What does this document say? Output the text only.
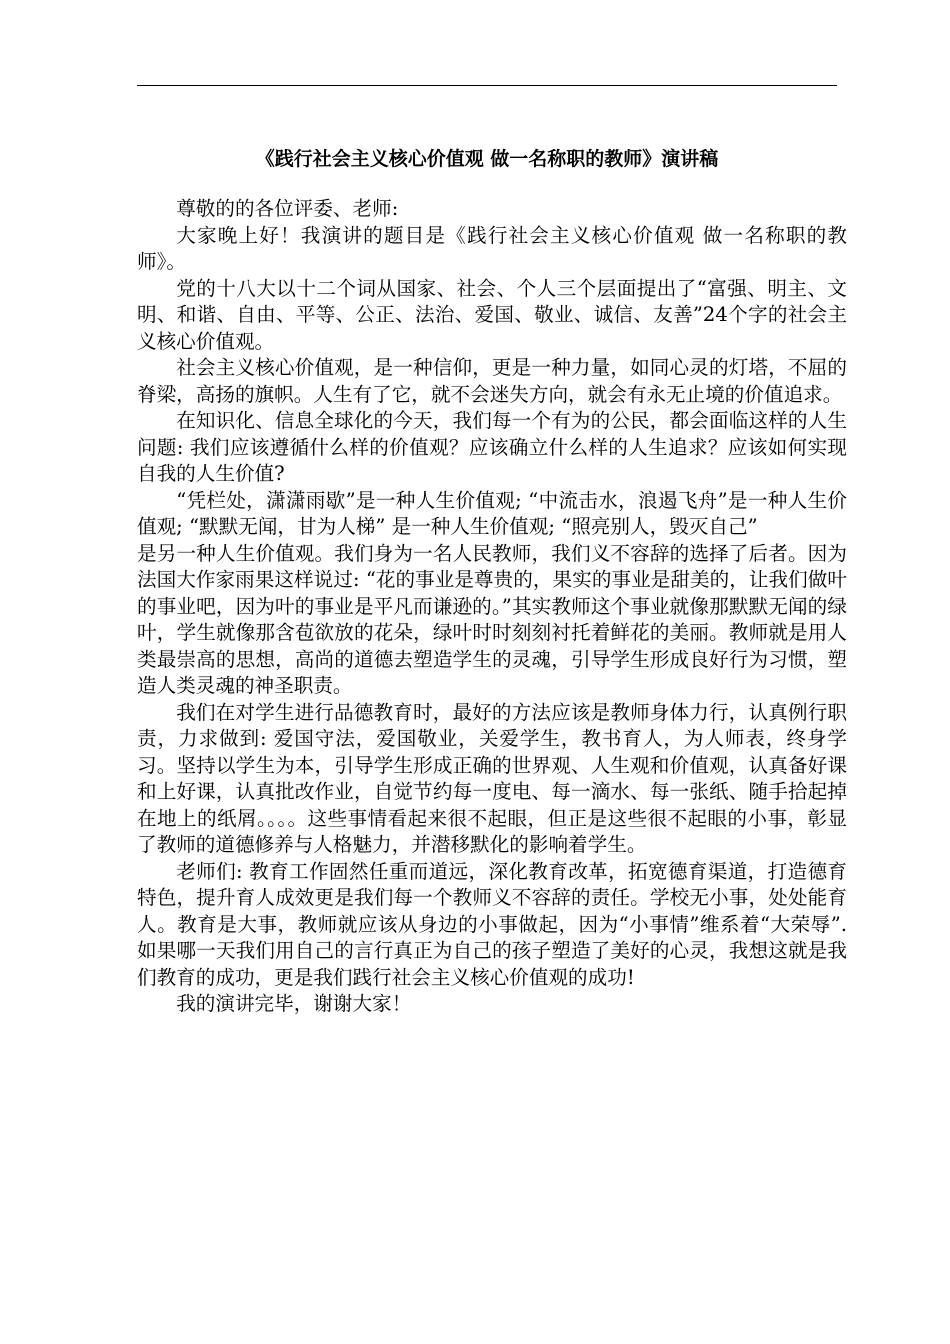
《践行社会主义核心价值观 做一名称职的教师》演讲稿

尊敬的的各位评委、老师:

大家晚上好！我演讲的题目是《践行社会主义核心价值观 做一名称职的教师》。

党的十八大以十二个词从国家、社会、个人三个层面提出了“富强、明主、文明、和谐、自由、平等、公正、法治、爱国、敬业、诚信、友善”24个字的社会主义核心价值观。

社会主义核心价值观，是一种信仰，更是一种力量，如同心灵的灯塔，不屈的脊梁，高扬的旗帜。人生有了它，就不会迷失方向，就会有永无止境的价值追求。

在知识化、信息全球化的今天，我们每一个有为的公民，都会面临这样的人生问题: 我们应该遵循什么样的价值观？应该确立什么样的人生追求？应该如何实现自我的人生价值?

“凭栏处，潇潇雨歇”是一种人生价值观; “中流击水，浪遏飞舟”是一种人生价值观; “默默无闻，甘为人梯” 是一种人生价值观; “照亮别人，毁灭自己”

是另一种人生价值观。我们身为一名人民教师，我们义不容辞的选择了后者。因为法国大作家雨果这样说过: “花的事业是尊贵的，果实的事业是甜美的，让我们做叶的事业吧，因为叶的事业是平凡而谦逊的。”其实教师这个事业就像那默默无闻的绿叶，学生就像那含苞欲放的花朵，绿叶时时刻刻衬托着鲜花的美丽。教师就是用人类最崇高的思想，高尚的道德去塑造学生的灵魂，引导学生形成良好行为习惯，塑造人类灵魂的神圣职责。

我们在对学生进行品德教育时，最好的方法应该是教师身体力行，认真例行职责，力求做到: 爱国守法，爱国敬业，关爱学生，教书育人，为人师表，终身学习。坚持以学生为本，引导学生形成正确的世界观、人生观和价值观，认真备好课和上好课，认真批改作业，自觉节约每一度电、每一滴水、每一张纸、随手拾起掉在地上的纸屑。。。。这些事情看起来很不起眼，但正是这些很不起眼的小事，彰显了教师的道德修养与人格魅力，并潜移默化的影响着学生。

老师们: 教育工作固然任重而道远，深化教育改革，拓宽德育渠道，打造德育特色，提升育人成效更是我们每一个教师义不容辞的责任。学校无小事，处处能育人。教育是大事，教师就应该从身边的小事做起，因为“小事情”维系着“大荣辱”.如果哪一天我们用自己的言行真正为自己的孩子塑造了美好的心灵，我想这就是我们教育的成功，更是我们践行社会主义核心价值观的成功!

我的演讲完毕，谢谢大家！
